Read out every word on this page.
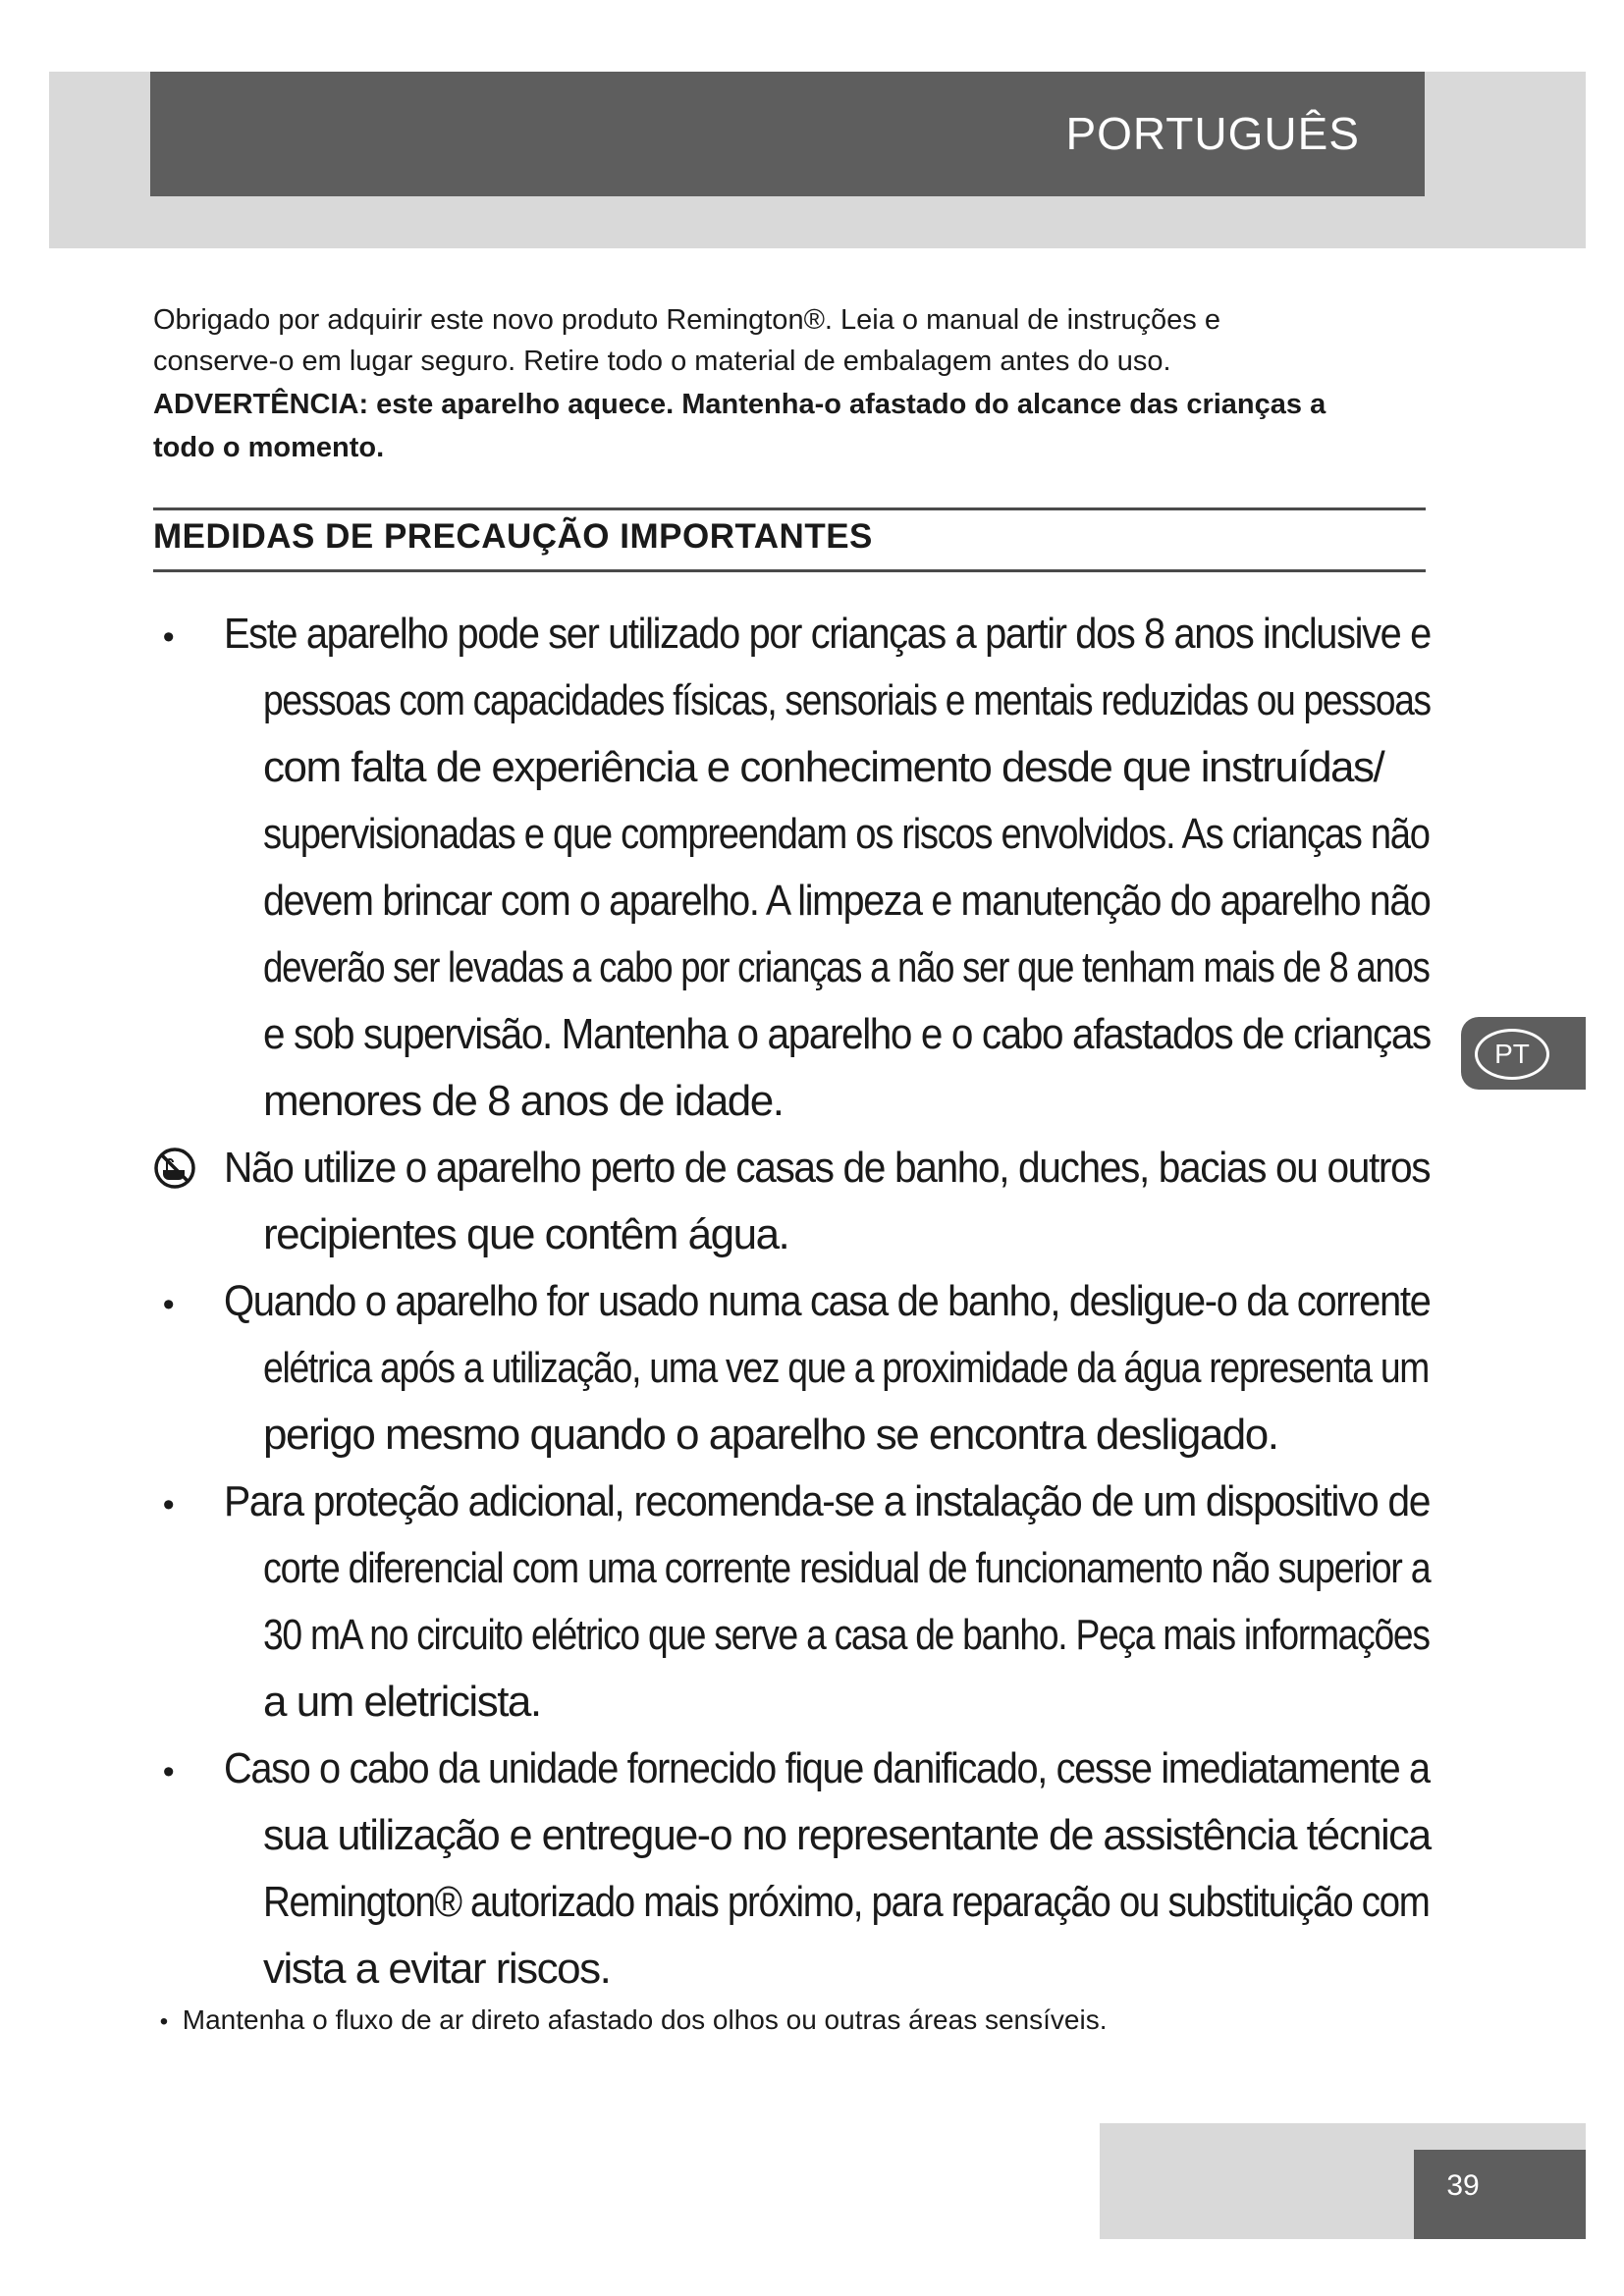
PORTUGUÊS

Obrigado por adquirir este novo produto Remington®. Leia o manual de instruções e

conserve-o em lugar seguro. Retire todo o material de embalagem antes do uso.

ADVERTÊNCIA: este aparelho aquece. Mantenha-o afastado do alcance das crianças a

todo o momento.

MEDIDAS DE PRECAUÇÃO IMPORTANTES
•	Este aparelho pode ser utilizado por crianças a partir dos 8 anos inclusive e
pessoas com capacidades físicas, sensoriais e mentais reduzidas ou pessoas
com falta de experiência e conhecimento desde que instruídas/
supervisionadas e que compreendam os riscos envolvidos. As crianças não
devem brincar com o aparelho. A limpeza e manutenção do aparelho não
deverão ser levadas a cabo por crianças a não ser que tenham mais de 8 anos
e sob supervisão. Mantenha o aparelho e o cabo afastados de crianças
menores de 8 anos de idade.
Não utilize o aparelho perto de casas de banho, duches, bacias ou outros
recipientes que contêm água.
•	Quando o aparelho for usado numa casa de banho, desligue-o da corrente
elétrica após a utilização, uma vez que a proximidade da água representa um
perigo mesmo quando o aparelho se encontra desligado.
•	Para proteção adicional, recomenda-se a instalação de um dispositivo de
corte diferencial com uma corrente residual de funcionamento não superior a
30 mA no circuito elétrico que serve a casa de banho. Peça mais informações
a um eletricista.
•	Caso o cabo da unidade fornecido fique danificado, cesse imediatamente a
sua utilização e entregue-o no representante de assistência técnica
Remington® autorizado mais próximo, para reparação ou substituição com
vista a evitar riscos.
• Mantenha o fluxo de ar direto afastado dos olhos ou outras áreas sensíveis.
PT
39
